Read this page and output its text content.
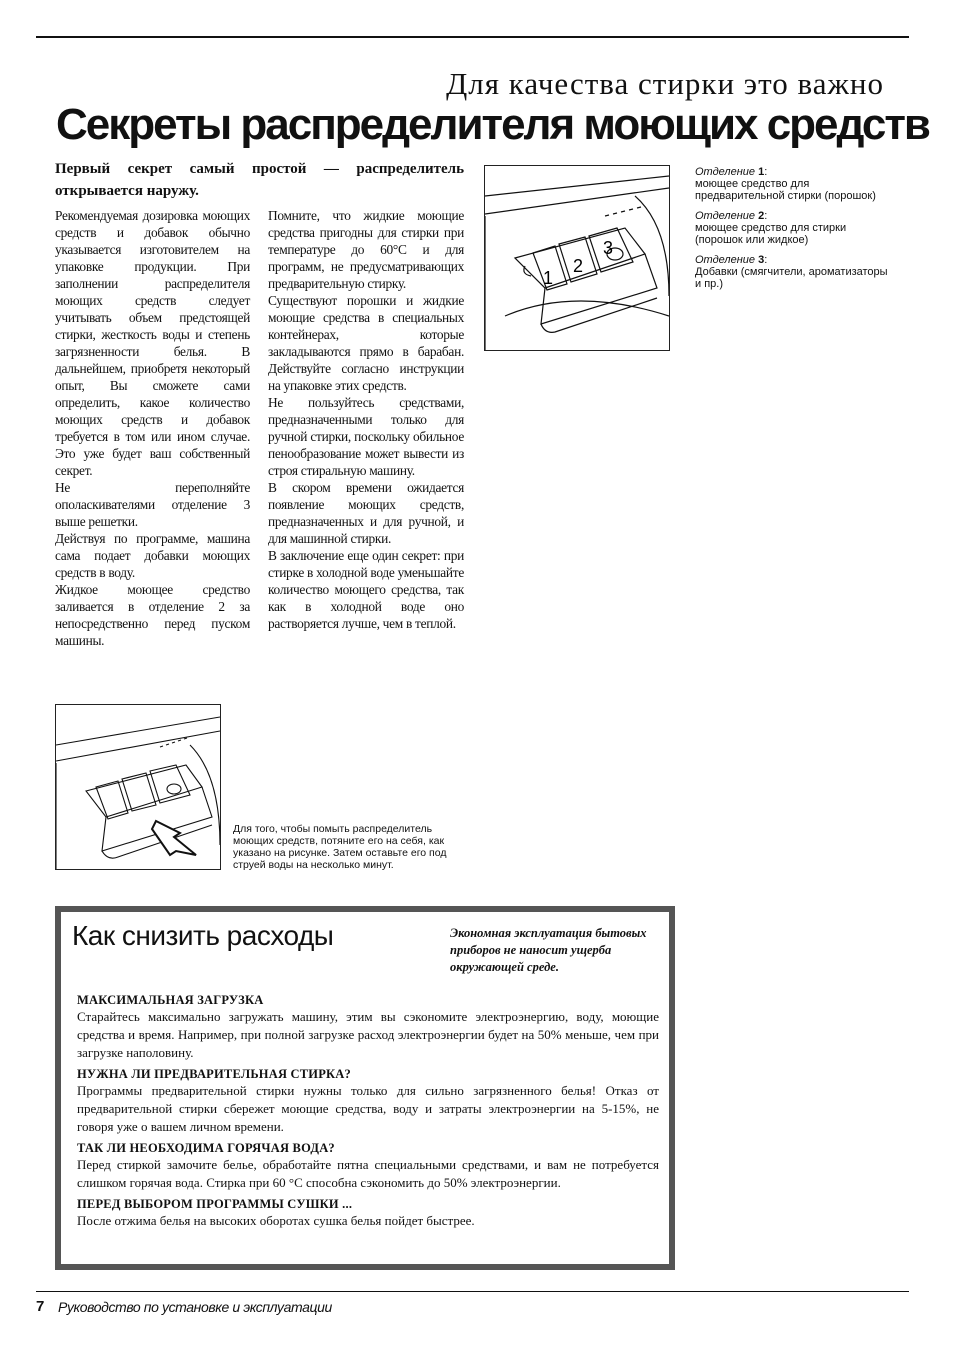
Для качества стирки это важно
Секреты распределителя моющих средств

Первый секрет самый простой — распределитель открывается наружу.

Рекомендуемая дозировка моющих средств и добавок обычно указывается изготовителем на упаковке продукции. При заполнении распределителя моющих средств следует учитывать объем предстоящей стирки, жесткость воды и степень загрязненности белья. В дальнейшем, приобретя некоторый опыт, Вы сможете сами определить, какое количество моющих средств и добавок требуется в том или ином случае. Это уже будет ваш собственный секрет.

Не переполняйте ополаскивателями отделение 3 выше решетки.

Действуя по программе, машина сама подает добавки моющих средств в воду.

Жидкое моющее средство заливается в отделение 2 за непосредственно перед пуском машины.

Помните, что жидкие моющие средства пригодны для стирки при температуре до 60°С и для программ, не предусматривающих предварительную стирку.

Существуют порошки и жидкие моющие средства в специальных контейнерах, которые закладываются прямо в барабан. Действуйте согласно инструкции на упаковке этих средств.

Не пользуйтесь средствами, предназначенными только для ручной стирки, поскольку обильное пенообразование может вывести из строя стиральную машину.

В скором времени ожидается появление моющих средств, предназначенных и для ручной, и для машинной стирки.

В заключение еще один секрет: при стирке в холодной воде уменьшайте количество моющего средства, так как в холодной воде оно растворяется лучше, чем в теплой.

1
2
3

Отделение 1:
моющее средство для предварительной стирки (порошок)

Отделение 2:
моющее средство для стирки (порошок или жидкое)

Отделение 3:
Добавки (смягчители, ароматизаторы и пр.)

Для того, чтобы помыть распределитель моющих средств, потяните его на себя, как указано на рисунке. Затем оставьте его под струей воды на несколько минут.
Как снизить расходы	Экономная эксплуатация бытовых приборов не наносит ущерба окружающей среде.

МАКСИМАЛЬНАЯ ЗАГРУЗКА

Старайтесь максимально загружать машину, этим вы сэкономите электроэнергию, воду, моющие средства и время. Например, при полной загрузке расход электроэнергии будет на 50% меньше, чем при загрузке наполовину.

НУЖНА ЛИ ПРЕДВАРИТЕЛЬНАЯ СТИРКА?

Программы предварительной стирки нужны только для сильно загрязненного белья! Отказ от предварительной стирки сбережет моющие средства, воду и затраты электроэнергии на 5-15%, не говоря уже о вашем личном времени.

ТАК ЛИ НЕОБХОДИМА ГОРЯЧАЯ ВОДА?

Перед стиркой замочите белье, обработайте пятна специальными средствами, и вам не потребуется слишком горячая вода. Стирка при 60 °С способна сэкономить до 50% электроэнергии.

ПЕРЕД ВЫБОРОМ ПРОГРАММЫ СУШКИ ...

После отжима белья на высоких оборотах сушка белья пойдет быстрее.

7 Руководство по установке и эксплуатации
